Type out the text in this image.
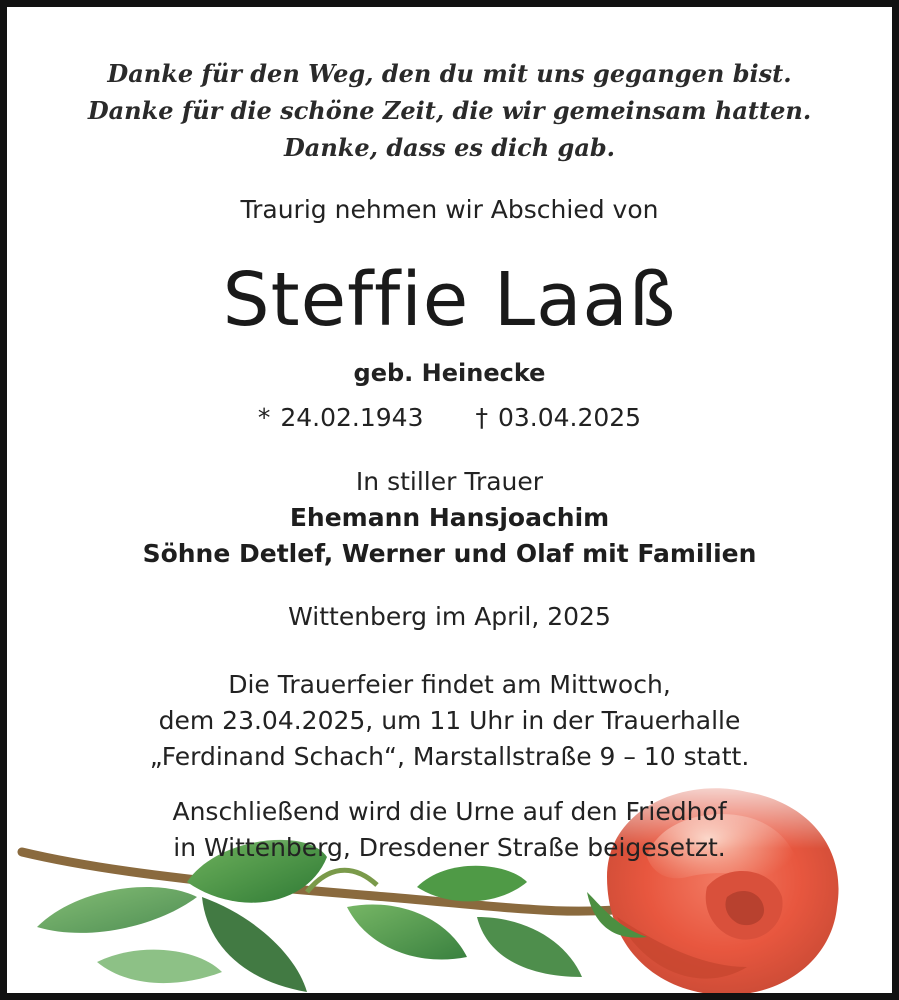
Danke für den Weg, den du mit uns gegangen bist.
Danke für die schöne Zeit, die wir gemeinsam hatten.
Danke, dass es dich gab.
Traurig nehmen wir Abschied von
Steffie Laaß
geb. Heinecke
* 24.02.1943 † 03.04.2025
In stiller Trauer
Ehemann Hansjoachim
Söhne Detlef, Werner und Olaf mit Familien
Wittenberg im April, 2025
Die Trauerfeier findet am Mittwoch,
dem 23.04.2025, um 11 Uhr in der Trauerhalle
„Ferdinand Schach“, Marstallstraße 9 – 10 statt.
Anschließend wird die Urne auf den Friedhof
in Wittenberg, Dresdener Straße beigesetzt.
